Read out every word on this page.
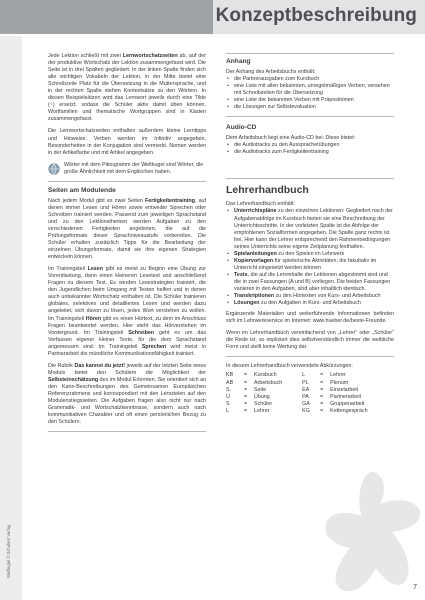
Konzeptbeschreibung
Wellkugel © Schubert Verlag

Jede Lektion schließt mit zwei Lernwortschatzseiten ab, auf der der produktive Wortschatz der Lektion zusammengefasst wird. Die Seite ist in drei Spalten gegliedert: In der linken Spalte finden sich alle wichtigen Vokabeln der Lektion, in der Mitte bietet eine Schreibzeile Platz für die Übersetzung in die Muttersprache, und in der rechten Spalte stehen Kontextsätze zu den Wörtern. In diesen Beispielsätzen wird das Lernwort jeweils durch eine Tilde (~) ersetzt, sodass die Schüler aktiv damit üben können. Wortfamilien und thematische Wortgruppen sind in Kästen zusammengefasst.

Die Lernwortschatzseiten enthalten außerdem kleine Lerntipps und Hinweise. Verben werden im Infinitiv angegeben, Besonderheiten in der Konjugation sind vermerkt. Nomen werden in der Artikelfarbe und mit Artikel angegeben.

Wörter mit dem Piktogramm der Weltkugel sind Wörter, die große Ähnlichkeit mit dem Englischen haben.
Seiten am Modulende

Nach jedem Modul gibt es zwei Seiten Fertigkeitentraining, auf denen immer Lesen und Hören sowie entweder Sprechen oder Schreiben trainiert werden. Passend zum jeweiligen Sprachstand und zu den Lektionsthemen werden Aufgaben zu den verschiedenen Fertigkeiten angeboten, die auf die Prüfungsformate dieser Sprachniveaustufe vorbereiten. Die Schüler erhalten zusätzlich Tipps für die Bearbeitung der einzelnen Übungsformate, damit sie ihre eigenen Strategien entwickeln können.

Im Trainingsteil Lesen gibt es meist zu Beginn eine Übung zur Vorentlastung, dann einen kleineren Lesetext und anschließend Fragen zu diesem Text. Es werden Lesestrategien trainiert, die den Jugendlichen beim Umgang mit Texten helfen und in denen auch unbekannter Wortschatz enthalten ist. Die Schüler trainieren globales, selektives und detailliertes Lesen und werden dazu angeleitet, sich davon zu lösen, jedes Wort verstehen zu wollen. Im Trainingsteil Hören gibt es einen Hörtext, zu dem im Anschluss Fragen beantwortet werden. Hier steht das Hörverstehen im Vordergrund. Im Trainingsteil Schreiben geht es um das Verfassen eigener kleiner Texte, für die dem Sprachstand angemessen sind. Im Trainingsteil Sprechen wird meist in Partnerarbeit die mündliche Kommunikationsfähigkeit trainiert.

Die Rubrik Das kannst du jetzt! jeweils auf der letzten Seite eines Moduls bietet den Schülern die Möglichkeit der Selbsteinschätzung des im Modul Erlernten. Sie orientiert sich an den Kann-Beschreibungen des Gemeinsamen Europäischen Referenzrahmens und korrespondiert mit den Lernzielen auf den Modulenstiegsseiten. Die Aufgaben fragen also nicht nur nach Grammatik- und Wortschatzkenntnisse, sondern auch nach kommunikativen Charakter und oft einen persönlichen Bezug zu den Schülern.

Anhang
Der Anhang des Arbeitsbuchs enthält:
• die Partnerausgaben zum Kursbuch
• eine Liste mit allen bekannten, unregelmäßigen Verben, versehen mit Schreibzeilen für die Übersetzung
• eine Liste der bekannten Verben mit Präpositionen
• die Lösungen zur Selbstevaluation
Audio-CD
Dem Arbeitsbuch liegt eine Audio-CD bei. Diese bietet:
• die Audiotracks zu den Aussprachetübungen
• die Audiotracks zum Fertigkeitentraining
Lehrerhandbuch
Das Lehrerhandbuch enthält:
• Unterrichtspläne zu den einzelnen Lektionen: Gegliedert nach der Aufgabenabfolge im Kursbuch bieten sie eine Beschreibung der Unterrichtsschritte. In der vorletzten Spalte ist die Abfolge der empfohlenen Sozialformen angegeben. Die Spalte ganz rechts ist frei. Hier kann der Lehrer entsprechend den Rahmenbedingungen seines Unterrichts seine eigene Zeitplanung festhalten.
• Spielanleitungen zu den Spielen im Lehrwerk
• Kopiervorlagen für spielerische Aktivitäten, die fakultativ im Unterricht eingesetzt werden können
• Tests, die auf die Lerninhalte der Lektionen abgestimmt sind und die in zwei Fassungen (A und B) vorliegen. Die beiden Fassungen variieren in den Aufgaben, sind aber inhaltlich identisch.
• Transkriptionen zu den Hörtexten von Kurs- und Arbeitsbuch
• Lösungen zu den Aufgaben in Kurs- und Arbeitsbuch

Ergänzende Materialien und weiterführende Informationen befinden sich im Lehrwerkservice im Internet: www.hueber.de/beste-Freunde.

Wenn im Lehrerhandbuch vereinfachend von „Lehrer“ oder „Schüler“ die Rede ist, so impliziert dies selbstverständlich immer die weibliche Form und stellt keine Wertung dar.

In diesem Lehrerhandbuch verwendete Abkürzungen:
KB	=	Kursbuch	L	=	Lehrer
AB	=	Arbeitsbuch	PL	=	Plenum
S.	=	Seite	EA	=	Einzelarbeit
Ü	=	Übung	PA	=	Partnerarbeit
S	=	Schüler	GA	=	Gruppenarbeit
L	=	Lehrer	KG	=	Kettengespräch
7
